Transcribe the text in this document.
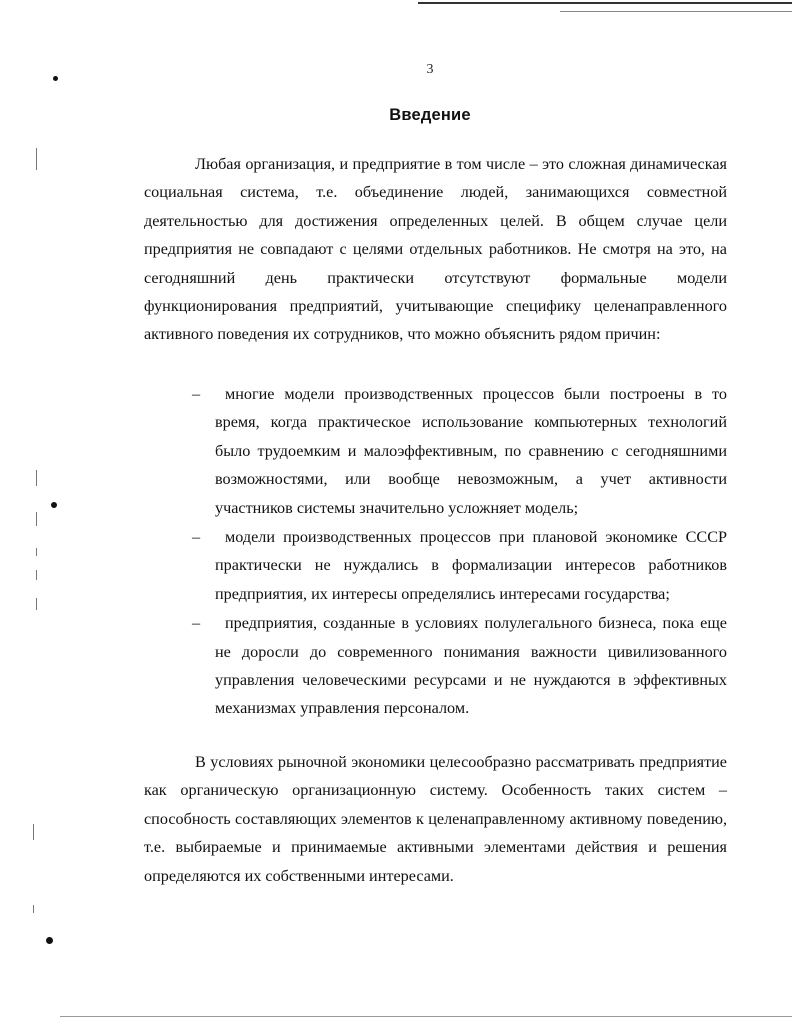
3
Введение
Любая организация, и предприятие в том числе – это сложная динамическая социальная система, т.е. объединение людей, занимающихся совместной деятельностью для достижения определенных целей. В общем случае цели предприятия не совпадают с целями отдельных работников. Не смотря на это, на сегодняшний день практически отсутствуют формальные модели функционирования предприятий, учитывающие специфику целенаправленного активного поведения их сотрудников, что можно объяснить рядом причин:
–	многие модели производственных процессов были построены в то время, когда практическое использование компьютерных технологий было трудоемким и малоэффективным, по сравнению с сегодняшними возможностями, или вообще невозможным, а учет активности участников системы значительно усложняет модель;
–	модели производственных процессов при плановой экономике СССР практически не нуждались в формализации интересов работников предприятия, их интересы определялись интересами государства;
–	предприятия, созданные в условиях полулегального бизнеса, пока еще не доросли до современного понимания важности цивилизованного управления человеческими ресурсами и не нуждаются в эффективных механизмах управления персоналом.
В условиях рыночной экономики целесообразно рассматривать предприятие как органическую организационную систему. Особенность таких систем – способность составляющих элементов к целенаправленному активному поведению, т.е. выбираемые и принимаемые активными элементами действия и решения определяются их собственными интересами.
